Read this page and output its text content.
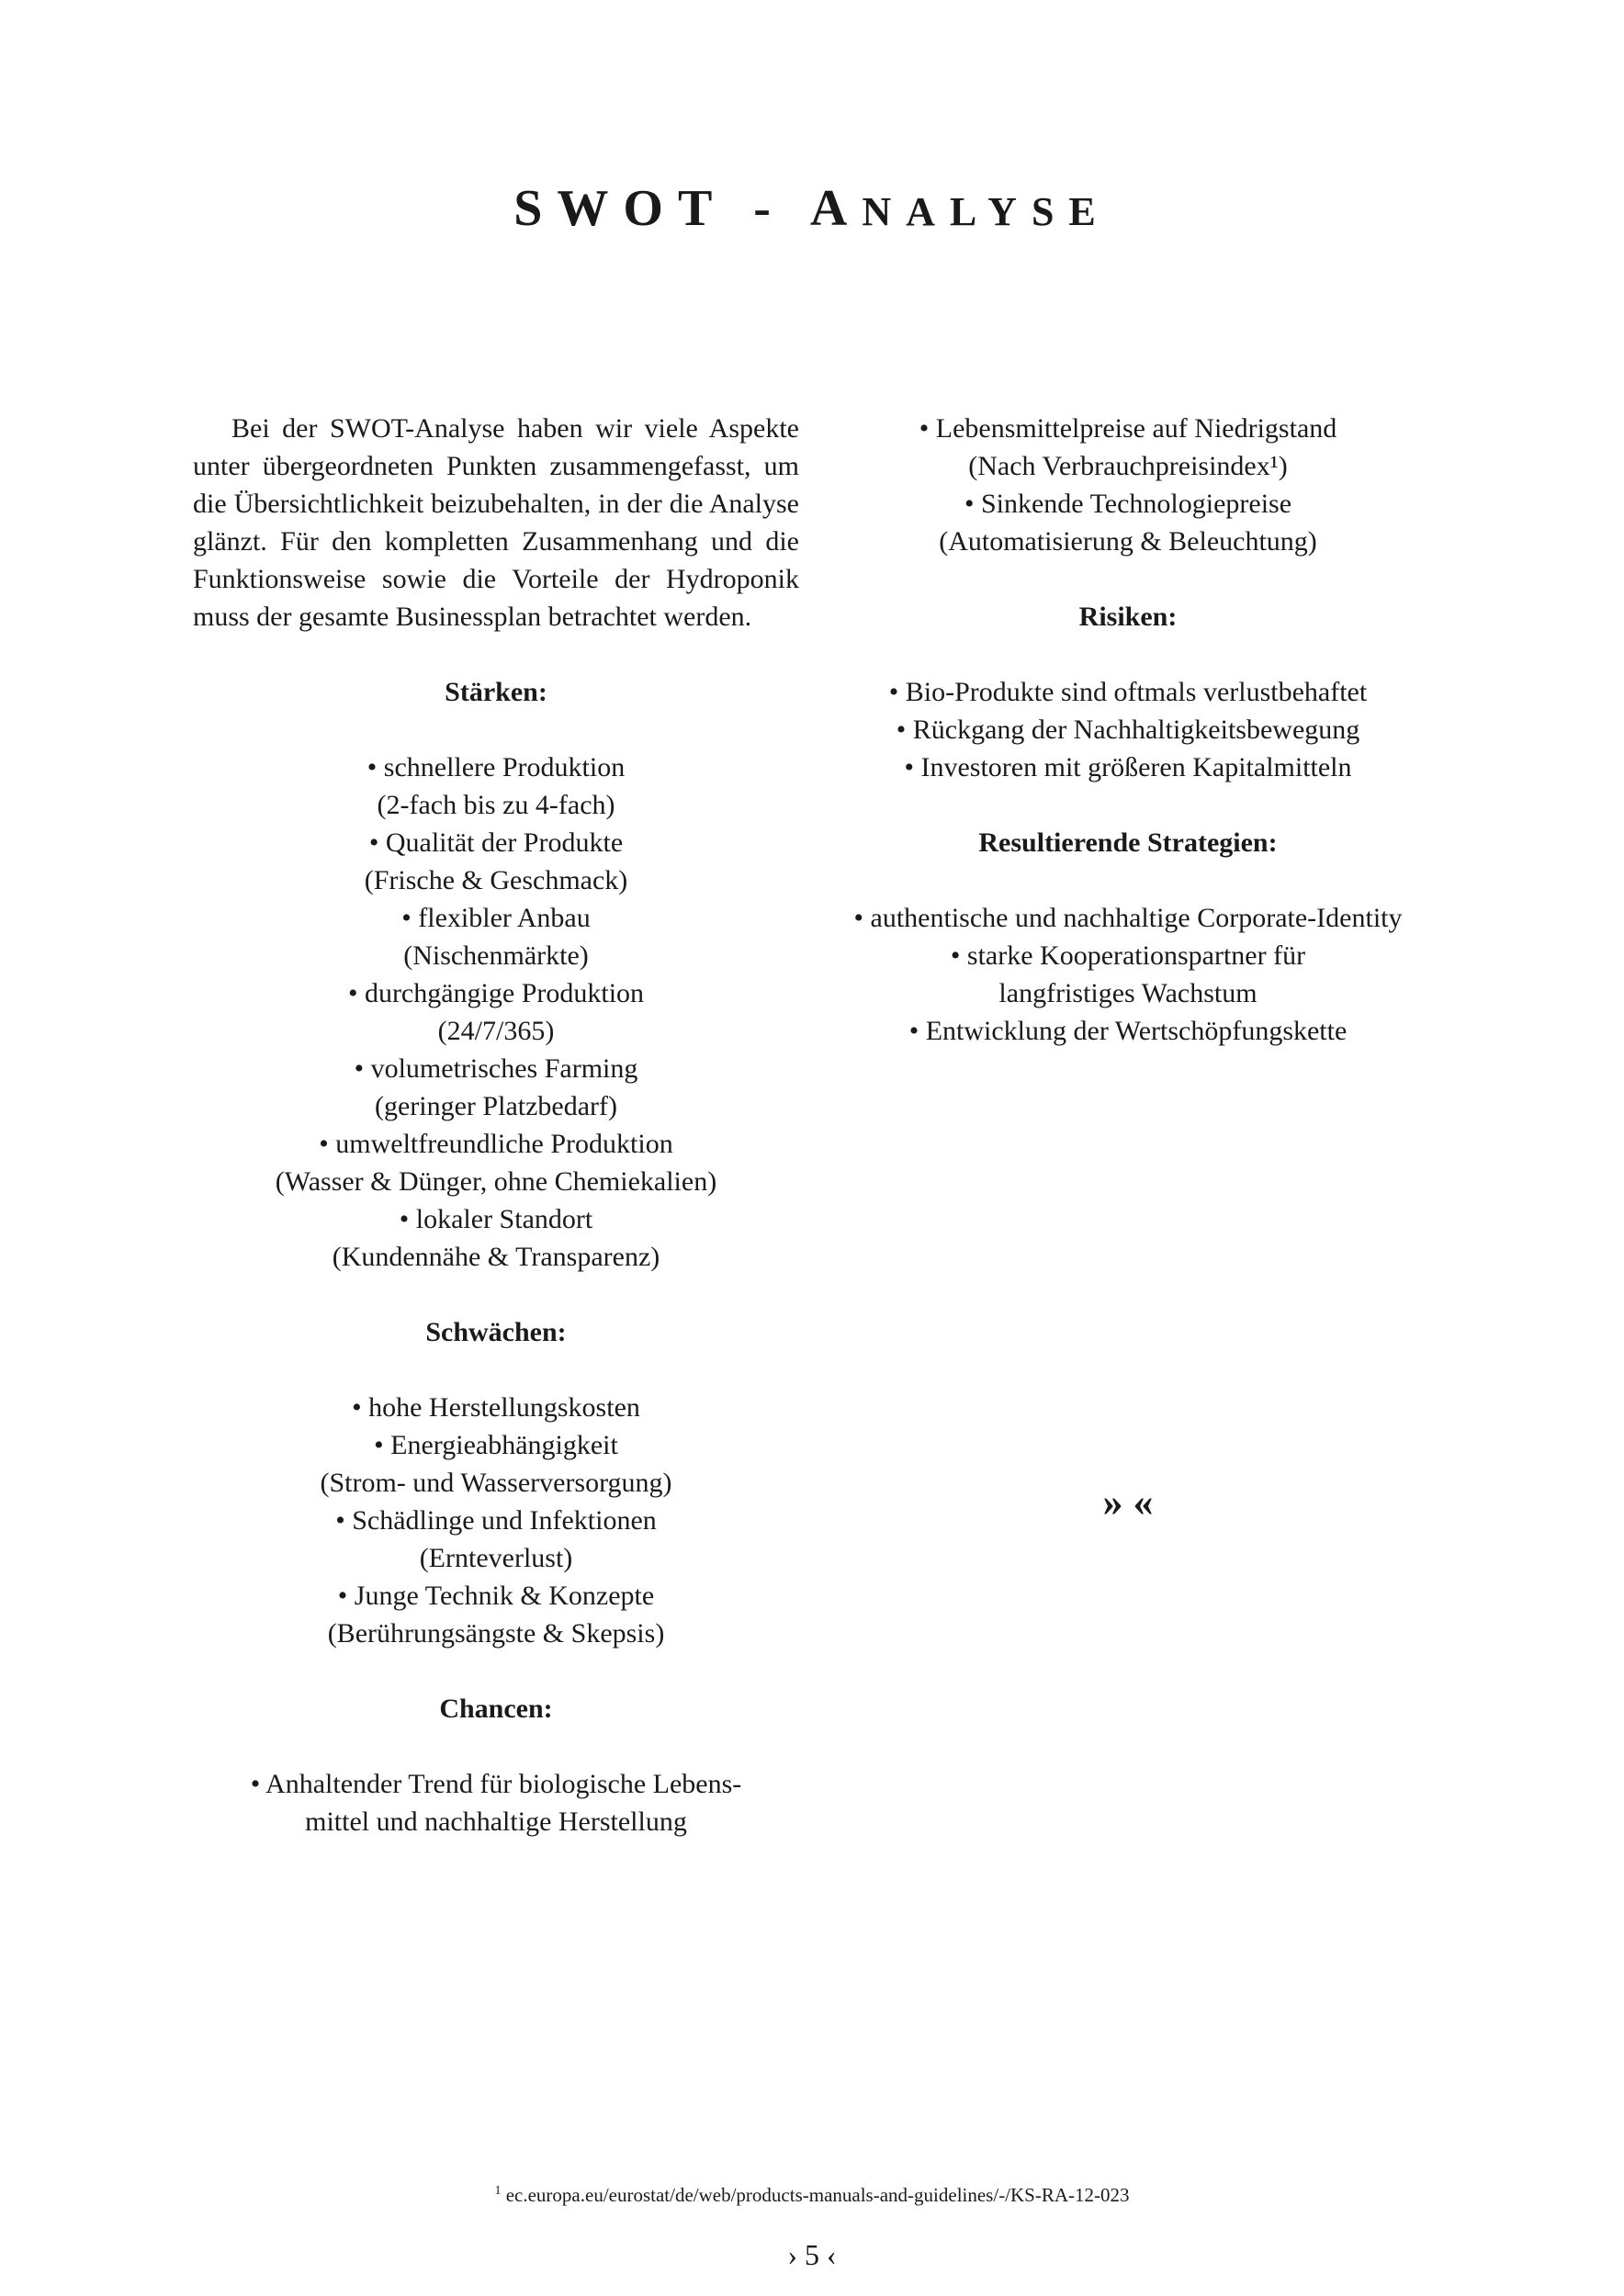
SWOT - ANALYSE

Bei der SWOT-Analyse haben wir viele Aspekte unter übergeordneten Punkten zusammengefasst, um die Übersichtlichkeit beizubehalten, in der die Analyse glänzt. Für den kompletten Zusammenhang und die Funktionsweise sowie die Vorteile der Hydroponik muss der gesamte Businessplan betrachtet werden.

Stärken:

• schnellere Produktion

(2-fach bis zu 4-fach)

• Qualität der Produkte

(Frische & Geschmack)

• flexibler Anbau

(Nischenmärkte)

• durchgängige Produktion

(24/7/365)

• volumetrisches Farming

(geringer Platzbedarf)

• umweltfreundliche Produktion

(Wasser & Dünger, ohne Chemiekalien)

• lokaler Standort

(Kundennähe & Transparenz)

Schwächen:

• hohe Herstellungskosten

• Energieabhängigkeit

(Strom- und Wasserversorgung)

• Schädlinge und Infektionen

(Ernteverlust)

• Junge Technik & Konzepte

(Berührungsängste & Skepsis)

Chancen:

• Anhaltender Trend für biologische Lebens-

mittel und nachhaltige Herstellung

• Lebensmittelpreise auf Niedrigstand

(Nach Verbrauchpreisindex¹)

• Sinkende Technologiepreise

(Automatisierung & Beleuchtung)

Risiken:

• Bio-Produkte sind oftmals verlustbehaftet

• Rückgang der Nachhaltigkeitsbewegung

• Investoren mit größeren Kapitalmitteln

Resultierende Strategien:

• authentische und nachhaltige Corporate-Identity

• starke Kooperationspartner für

langfristiges Wachstum

• Entwicklung der Wertschöpfungskette

» «
$^1$ ec.europa.eu/eurostat/de/web/products-manuals-and-guidelines/-/KS-RA-12-023
› 5 ‹
